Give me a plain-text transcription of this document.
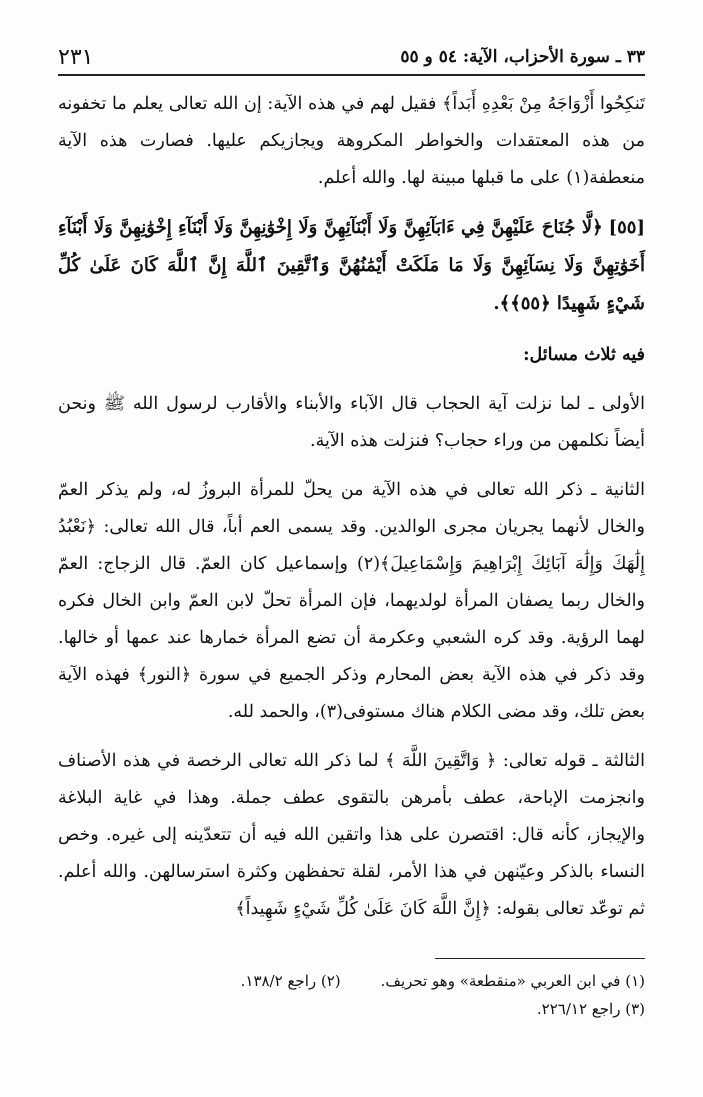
٢٣١	٣٣ ـ سورة الأحزاب، الآية: ٥٤ و ٥٥

تَنكِحُوا أَزْوَاجَهُ مِنْ بَعْدِهِ أَبَداً﴾ فقيل لهم في هذه الآية: إن الله تعالى يعلم ما تخفونه من هذه المعتقدات والخواطر المكروهة ويجازيكم عليها. فصارت هذه الآية منعطفة(١) على ما قبلها مبينة لها. والله أعلم.

[٥٥] ﴿لَّا جُنَاحَ عَلَيْهِنَّ فِي ءَابَآئِهِنَّ وَلَا أَبْنَآئِهِنَّ وَلَا إِخْوَٰنِهِنَّ وَلَا أَبْنَآءِ إِخْوَٰنِهِنَّ وَلَا أَبْنَآءِ أَخَوَٰتِهِنَّ وَلَا نِسَآئِهِنَّ وَلَا مَا مَلَكَتْ أَيْمَٰنُهُنَّ وَٱتَّقِينَ ٱللَّهَ إِنَّ ٱللَّهَ كَانَ عَلَىٰ كُلِّ شَيْءٍ شَهِيدًا ﴿٥٥﴾﴾.

فيه ثلاث مسائل:

الأولى ـ لما نزلت آية الحجاب قال الآباء والأبناء والأقارب لرسول الله ﷺ ونحن أيضاً نكلمهن من وراء حجاب؟ فنزلت هذه الآية.

الثانية ـ ذكر الله تعالى في هذه الآية من يحلّ للمرأة البروزُ له، ولم يذكر العمّ والخال لأنهما يجريان مجرى الوالدين. وقد يسمى العم أباً، قال الله تعالى: ﴿نَعْبُدُ إِلَٰهَكَ وَإِلَٰهَ آبَائِكَ إِبْرَاهِيمَ وَإِسْمَاعِيلَ﴾(٢) وإسماعيل كان العمّ. قال الزجاج: العمّ والخال ربما يصفان المرأة لولديهما، فإن المرأة تحلّ لابن العمّ وابن الخال فكره لهما الرؤية. وقد كره الشعبي وعكرمة أن تضع المرأة خمارها عند عمها أو خالها. وقد ذكر في هذه الآية بعض المحارم وذكر الجميع في سورة ﴿النور﴾ فهذه الآية بعض تلك، وقد مضى الكلام هناك مستوفى(٣)، والحمد لله.

الثالثة ـ قوله تعالى: ﴿ وَاتَّقِينَ اللَّهَ ﴾ لما ذكر الله تعالى الرخصة في هذه الأصناف وانجزمت الإباحة، عطف بأمرهن بالتقوى عطف جملة. وهذا في غاية البلاغة والإيجاز، كأنه قال: اقتصرن على هذا واتقين الله فيه أن تتعدّينه إلى غيره. وخص النساء بالذكر وعيّنهن في هذا الأمر، لقلة تحفظهن وكثرة استرسالهن. والله أعلم. ثم توعّد تعالى بقوله: ﴿إِنَّ اللَّهَ كَانَ عَلَىٰ كُلِّ شَيْءٍ شَهِيداً﴾

(١) في ابن العربي «منقطعة» وهو تحريف.
(٢) راجع ١٣٨/٢.
(٣) راجع ٢٢٦/١٢.
